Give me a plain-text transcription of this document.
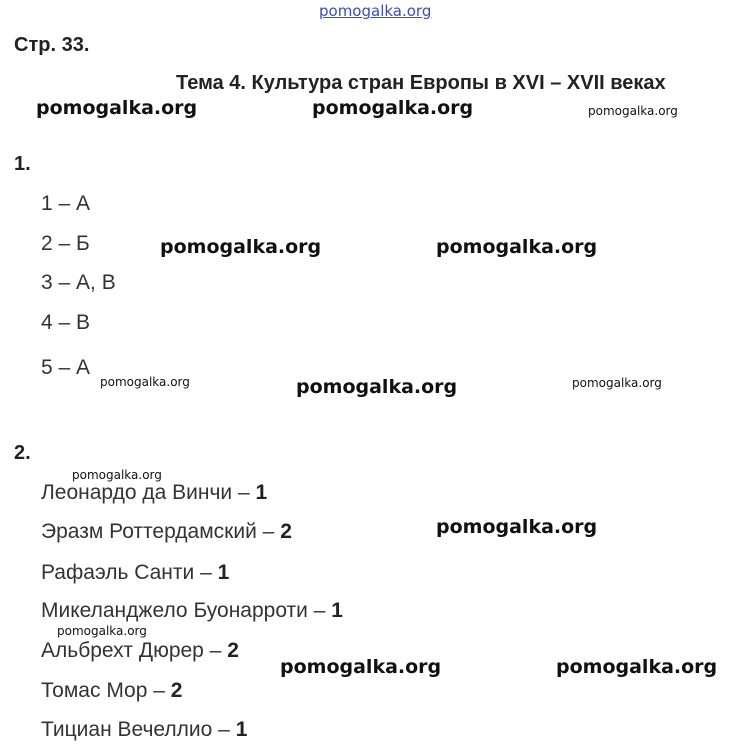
pomogalka.org
Стр. 33.
Тема 4. Культура стран Европы в XVI – XVII веках
1.
1 – А
2 – Б
3 – А, В
4 – В
5 – А
2.
Леонардо да Винчи – 1
Эразм Роттердамский – 2
Рафаэль Санти – 1
Микеланджело Буонарроти – 1
Альбрехт Дюрер – 2
Томас Мор – 2
Тициан Вечеллио – 1
pomogalka.org	pomogalka.org	pomogalka.org
pomogalka.org	pomogalka.org
pomogalka.org	pomogalka.org	pomogalka.org
pomogalka.org
pomogalka.org
pomogalka.org
pomogalka.org	pomogalka.org
